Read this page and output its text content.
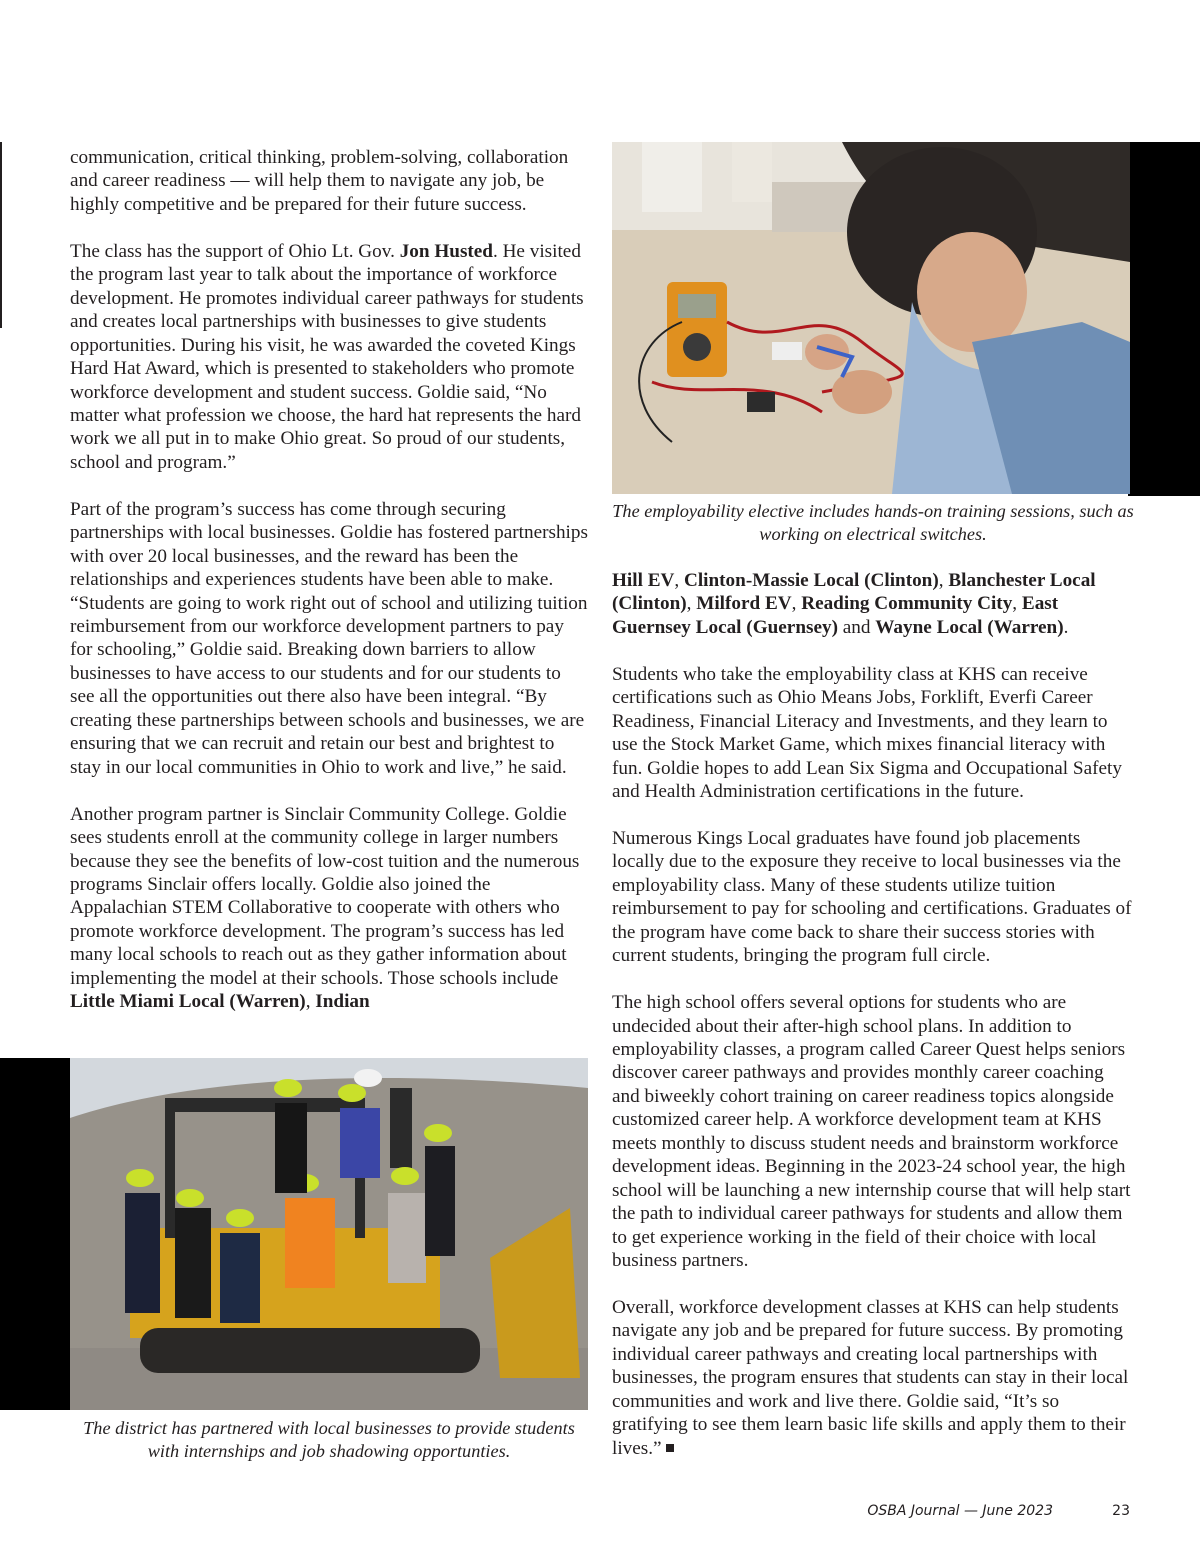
communication, critical thinking, problem-solving, collaboration and career readiness — will help them to navigate any job, be highly competitive and be prepared for their future success.

The class has the support of Ohio Lt. Gov. Jon Husted. He visited the program last year to talk about the importance of workforce development. He promotes individual career pathways for students and creates local partnerships with businesses to give students opportunities. During his visit, he was awarded the coveted Kings Hard Hat Award, which is presented to stakeholders who promote workforce development and student success. Goldie said, “No matter what profession we choose, the hard hat represents the hard work we all put in to make Ohio great. So proud of our students, school and program.”

Part of the program’s success has come through securing partnerships with local businesses. Goldie has fostered partnerships with over 20 local businesses, and the reward has been the relationships and experiences students have been able to make. “Students are going to work right out of school and utilizing tuition reimbursement from our workforce development partners to pay for schooling,” Goldie said. Breaking down barriers to allow businesses to have access to our students and for our students to see all the opportunities out there also have been integral. “By creating these partnerships between schools and businesses, we are ensuring that we can recruit and retain our best and brightest to stay in our local communities in Ohio to work and live,” he said.

Another program partner is Sinclair Community College. Goldie sees students enroll at the community college in larger numbers because they see the benefits of low-cost tuition and the numerous programs Sinclair offers locally. Goldie also joined the Appalachian STEM Collaborative to cooperate with others who promote workforce development. The program’s success has led many local schools to reach out as they gather information about implementing the model at their schools. Those schools include Little Miami Local (Warren), Indian

The employability elective includes hands-on training sessions, such as working on electrical switches.

Hill EV, Clinton-Massie Local (Clinton), Blanchester Local (Clinton), Milford EV, Reading Community City, East Guernsey Local (Guernsey) and Wayne Local (Warren).

Students who take the employability class at KHS can receive certifications such as Ohio Means Jobs, Forklift, Everfi Career Readiness, Financial Literacy and Investments, and they learn to use the Stock Market Game, which mixes financial literacy with fun. Goldie hopes to add Lean Six Sigma and Occupational Safety and Health Administration certifications in the future.

Numerous Kings Local graduates have found job placements locally due to the exposure they receive to local businesses via the employability class. Many of these students utilize tuition reimbursement to pay for schooling and certifications. Graduates of the program have come back to share their success stories with current students, bringing the program full circle.

The high school offers several options for students who are undecided about their after-high school plans. In addition to employability classes, a program called Career Quest helps seniors discover career pathways and provides monthly career coaching and biweekly cohort training on career readiness topics alongside customized career help. A workforce development team at KHS meets monthly to discuss student needs and brainstorm workforce development ideas. Beginning in the 2023-24 school year, the high school will be launching a new internship course that will help start the path to individual career pathways for students and allow them to get experience working in the field of their choice with local business partners.

Overall, workforce development classes at KHS can help students navigate any job and be prepared for future success. By promoting individual career pathways and creating local partnerships with businesses, the program ensures that students can stay in their local communities and work and live there. Goldie said, “It’s so gratifying to see them learn basic life skills and apply them to their lives.”

The district has partnered with local businesses to provide students with internships and job shadowing opportunties.
OSBA Journal — June 2023	23
